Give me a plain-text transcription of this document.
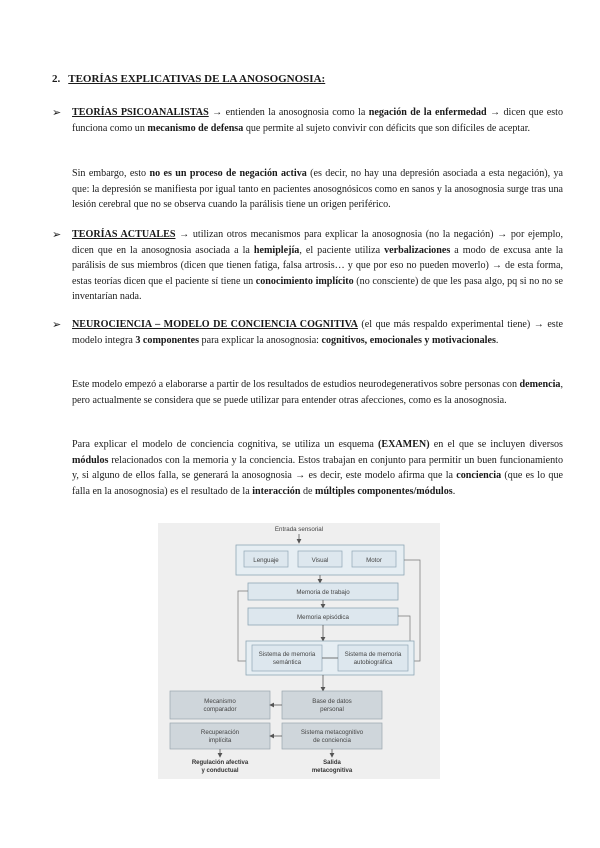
2. TEORÍAS EXPLICATIVAS DE LA ANOSOGNOSIA:
➢ TEORÍAS PSICOANALISTAS → entienden la anosognosia como la negación de la enfermedad → dicen que esto funciona como un mecanismo de defensa que permite al sujeto convivir con déficits que son difíciles de aceptar.
Sin embargo, esto no es un proceso de negación activa (es decir, no hay una depresión asociada a esta negación), ya que: la depresión se manifiesta por igual tanto en pacientes anosognósicos como en sanos y la anosognosia surge tras una lesión cerebral que no se observa cuando la parálisis tiene un origen periférico.
➢ TEORÍAS ACTUALES → utilizan otros mecanismos para explicar la anosognosia (no la negación) → por ejemplo, dicen que en la anosognosia asociada a la hemiplejía, el paciente utiliza verbalizaciones a modo de excusa ante la parálisis de sus miembros (dicen que tienen fatiga, falsa artrosis… y que por eso no pueden moverlo) → de esta forma, estas teorías dicen que el paciente sí tiene un conocimiento implícito (no consciente) de que les pasa algo, pq si no no se inventarían nada.
➢ NEUROCIENCIA – MODELO DE CONCIENCIA COGNITIVA (el que más respaldo experimental tiene) → este modelo integra 3 componentes para explicar la anosognosia: cognitivos, emocionales y motivacionales.
Este modelo empezó a elaborarse a partir de los resultados de estudios neurodegenerativos sobre personas con demencia, pero actualmente se considera que se puede utilizar para entender otras afecciones, como es la anosognosia.
Para explicar el modelo de conciencia cognitiva, se utiliza un esquema (EXAMEN) en el que se incluyen diversos módulos relacionados con la memoria y la conciencia. Estos trabajan en conjunto para permitir un buen funcionamiento y, si alguno de ellos falla, se generará la anosognosia → es decir, este modelo afirma que la conciencia (que es lo que falla en la anosognosia) es el resultado de la interacción de múltiples componentes/módulos.
Entrada sensorial
Lenguaje	Visual	Motor
Memoria de trabajo
Memoria episódica
Sistema de memoria
semántica
Sistema de memoria
autobiográfica
Mecanismo
comparador
Base de datos
personal
Recuperación
implícita
Sistema metacognitivo
de conciencia
Regulación afectiva
y conductual
Salida
metacognitiva
